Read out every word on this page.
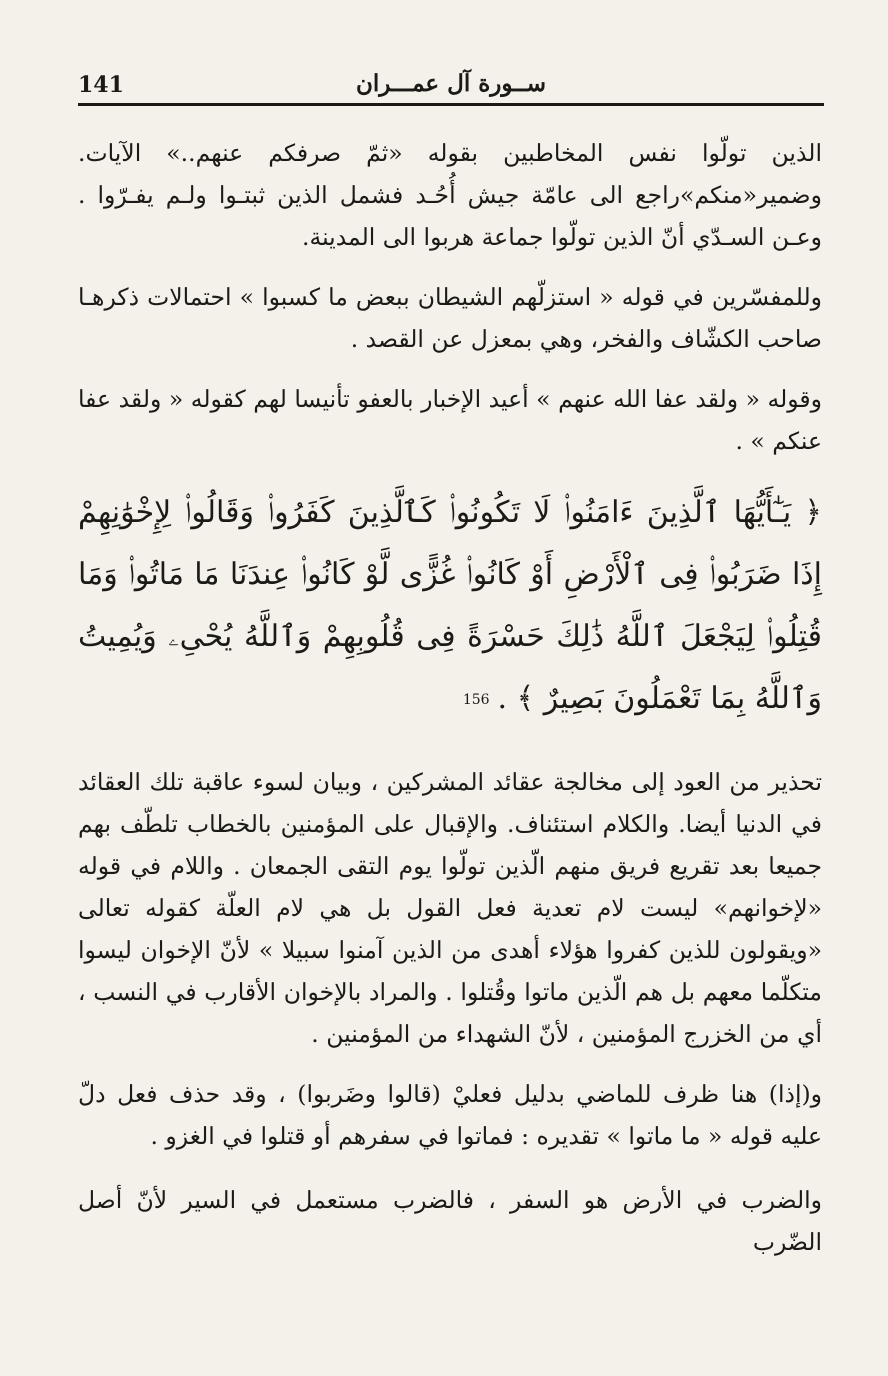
141	ســورة آل عمـــران

الذين تولّوا نفس المخاطبين بقوله «ثمّ صرفكم عنهم..» الآيات. وضمير«منكم»راجع الى عامّة جيش أُحُـد فشمل الذين ثبتـوا ولـم يفـرّوا . وعـن السـدّي أنّ الذين تولّوا جماعة هربوا الى المدينة.

وللمفسّرين في قوله « استزلّهم الشيطان ببعض ما كسبوا » احتمالات ذكرهـا صاحب الكشّاف والفخر، وهي بمعزل عن القصد .

وقوله « ولقد عفا الله عنهم » أعيد الإخبار بالعفو تأنيسا لهم كقوله « ولقد عفا عنكم » .

﴿ يَـٰٓأَيُّهَا ٱلَّذِينَ ءَامَنُوا۟ لَا تَكُونُوا۟ كَٱلَّذِينَ كَفَرُوا۟ وَقَالُوا۟ لِإِخْوَٰنِهِمْ إِذَا ضَرَبُوا۟ فِى ٱلْأَرْضِ أَوْ كَانُوا۟ غُزًّى لَّوْ كَانُوا۟ عِندَنَا مَا مَاتُوا۟ وَمَا قُتِلُوا۟ لِيَجْعَلَ ٱللَّهُ ذَٰلِكَ حَسْرَةً فِى قُلُوبِهِمْ وَٱللَّهُ يُحْىِۦ وَيُمِيتُ وَٱللَّهُ بِمَا تَعْمَلُونَ بَصِيرٌ ﴾ .156

تحذير من العود إلى مخالجة عقائد المشركين ، وبيان لسوء عاقبة تلك العقائد في الدنيا أيضا. والكلام استئناف. والإقبال على المؤمنين بالخطاب تلطّف بهم جميعا بعد تقريع فريق منهم الّذين تولّوا يوم التقى الجمعان . واللام في قوله «لإخوانهم» ليست لام تعدية فعل القول بل هي لام العلّة كقوله تعالى «ويقولون للذين كفروا هؤلاء أهدى من الذين آمنوا سبيلا » لأنّ الإخوان ليسوا متكلّما معهم بل هم الّذين ماتوا وقُتلوا . والمراد بالإخوان الأقارب في النسب ، أي من الخزرج المؤمنين ، لأنّ الشهداء من المؤمنين .

و(إذا) هنا ظرف للماضي بدليل فعليْ (قالوا وضَربوا) ، وقد حذف فعل دلّ عليه قوله « ما ماتوا » تقديره : فماتوا في سفرهم أو قتلوا في الغزو .

والضرب في الأرض هو السفر ، فالضرب مستعمل في السير لأنّ أصل الضّرب
